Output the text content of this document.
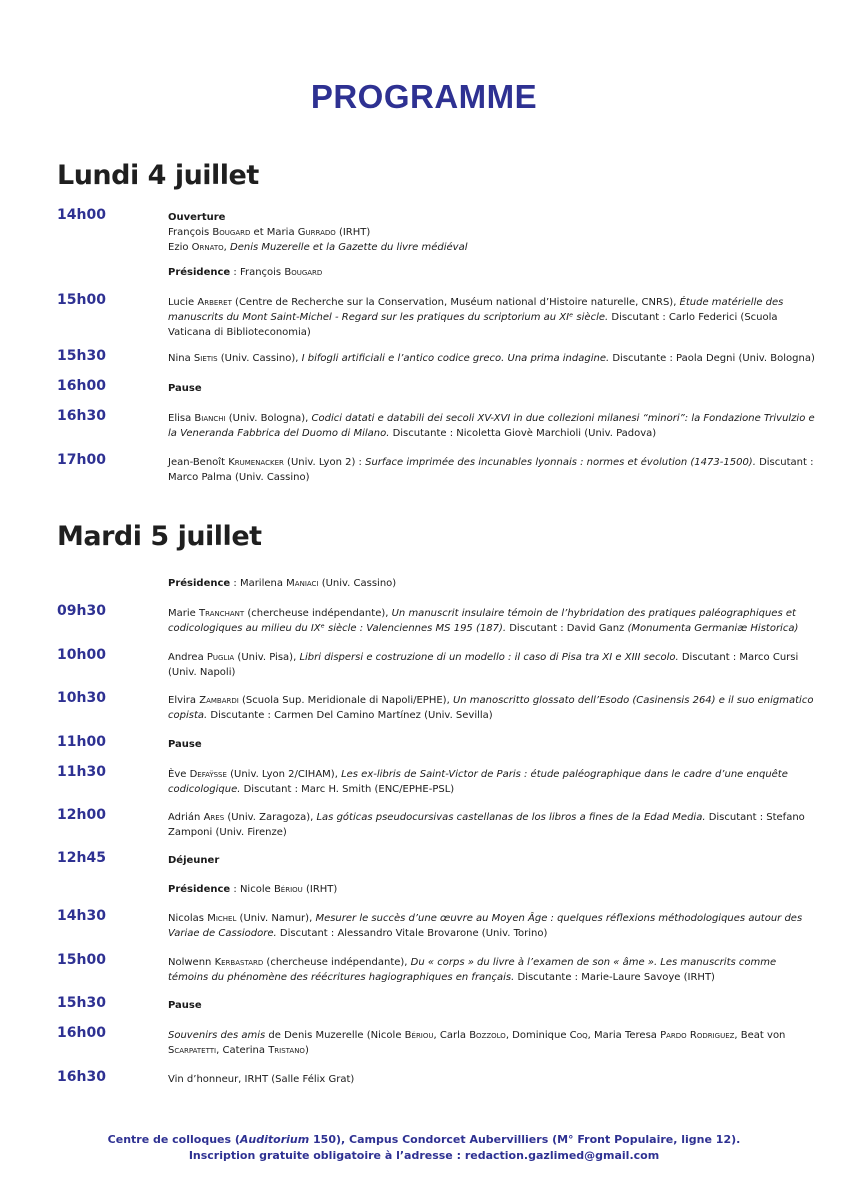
PROGRAMME
Lundi 4 juillet
14h00	Ouverture

François Bougard et Maria Gurrado (IRHT)

Ezio Ornato, Denis Muzerelle et la Gazette du livre médiéval

Présidence : François Bougard
15h00	Lucie Arberet (Centre de Recherche sur la Conservation, Muséum national d’Histoire naturelle, CNRS), Étude matérielle des manuscrits du Mont Saint-Michel - Regard sur les pratiques du scriptorium au XIᵉ siècle. Discutant : Carlo Federici (Scuola Vaticana di Biblioteconomia)
15h30	Nina Sietis (Univ. Cassino), I bifogli artificiali e l’antico codice greco. Una prima indagine. Discutante : Paola Degni (Univ. Bologna)
16h00	Pause
16h30	Elisa Bianchi (Univ. Bologna), Codici datati e databili dei secoli XV-XVI in due collezioni milanesi “minori”: la Fondazione Trivulzio e la Veneranda Fabbrica del Duomo di Milano. Discutante : Nicoletta Giovè Marchioli (Univ. Padova)
17h00	Jean-Benoît Krumenacker (Univ. Lyon 2) : Surface imprimée des incunables lyonnais : normes et évolution (1473-1500). Discutant : Marco Palma (Univ. Cassino)
Mardi 5 juillet
Présidence : Marilena Maniaci (Univ. Cassino)
09h30	Marie Tranchant (chercheuse indépendante), Un manuscrit insulaire témoin de l’hybridation des pratiques paléographiques et codicologiques au milieu du IXᵉ siècle : Valenciennes MS 195 (187). Discutant : David Ganz (Monumenta Germaniæ Historica)
10h00	Andrea Puglia (Univ. Pisa), Libri dispersi e costruzione di un modello : il caso di Pisa tra XI e XIII secolo. Discutant : Marco Cursi (Univ. Napoli)
10h30	Elvira Zambardi (Scuola Sup. Meridionale di Napoli/EPHE), Un manoscritto glossato dell’Esodo (Casinensis 264) e il suo enigmatico copista. Discutante : Carmen Del Camino Martínez (Univ. Sevilla)
11h00	Pause
11h30	Ève Defaÿsse (Univ. Lyon 2/CIHAM), Les ex-libris de Saint-Victor de Paris : étude paléographique dans le cadre d’une enquête codicologique. Discutant : Marc H. Smith (ENC/EPHE-PSL)
12h00	Adrián Ares (Univ. Zaragoza), Las góticas pseudocursivas castellanas de los libros a fines de la Edad Media. Discutant : Stefano Zamponi (Univ. Firenze)
12h45	Déjeuner
Présidence : Nicole Bériou (IRHT)
14h30	Nicolas Michel (Univ. Namur), Mesurer le succès d’une œuvre au Moyen Âge : quelques réflexions méthodologiques autour des Variae de Cassiodore. Discutant : Alessandro Vitale Brovarone (Univ. Torino)
15h00	Nolwenn Kerbastard (chercheuse indépendante), Du « corps » du livre à l’examen de son « âme ». Les manuscrits comme témoins du phénomène des réécritures hagiographiques en français. Discutante : Marie-Laure Savoye (IRHT)
15h30	Pause
16h00	Souvenirs des amis de Denis Muzerelle (Nicole Bériou, Carla Bozzolo, Dominique Coq, Maria Teresa Pardo Rodriguez, Beat von Scarpatetti, Caterina Tristano)
16h30	Vin d’honneur, IRHT (Salle Félix Grat)

Centre de colloques (Auditorium 150), Campus Condorcet Aubervilliers (M° Front Populaire, ligne 12).

Inscription gratuite obligatoire à l’adresse : redaction.gazlimed@gmail.com
